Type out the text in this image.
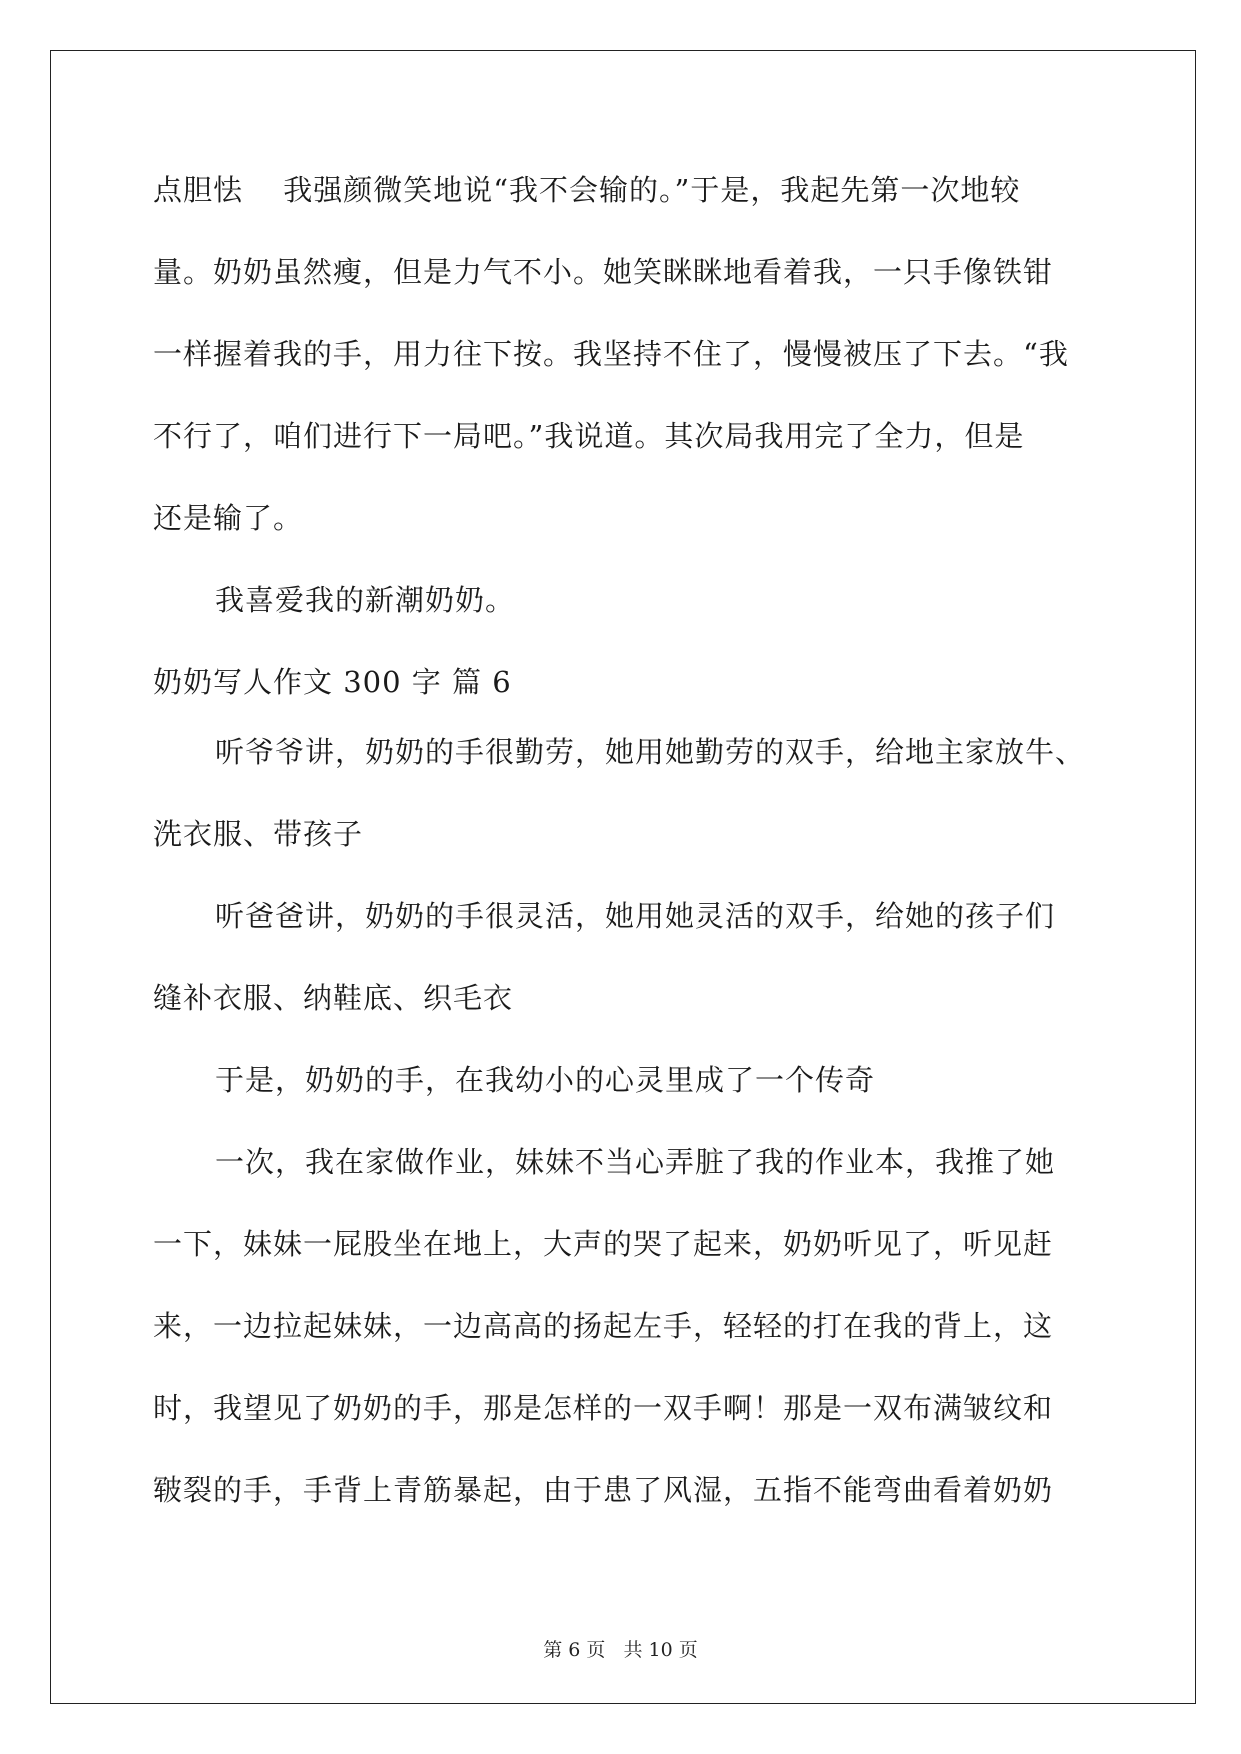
点胆怯　 我强颜微笑地说“我不会输的。”于是，我起先第一次地较
量。奶奶虽然瘦，但是力气不小。她笑眯眯地看着我，一只手像铁钳
一样握着我的手，用力往下按。我坚持不住了，慢慢被压了下去。“我
不行了，咱们进行下一局吧。”我说道。其次局我用完了全力，但是
还是输了。
我喜爱我的新潮奶奶。
奶奶写人作文 300 字 篇 6
听爷爷讲，奶奶的手很勤劳，她用她勤劳的双手，给地主家放牛、
洗衣服、带孩子
听爸爸讲，奶奶的手很灵活，她用她灵活的双手，给她的孩子们
缝补衣服、纳鞋底、织毛衣
于是，奶奶的手，在我幼小的心灵里成了一个传奇
一次，我在家做作业，妹妹不当心弄脏了我的作业本，我推了她
一下，妹妹一屁股坐在地上，大声的哭了起来，奶奶听见了，听见赶
来，一边拉起妹妹，一边高高的扬起左手，轻轻的打在我的背上，这
时，我望见了奶奶的手，那是怎样的一双手啊！那是一双布满皱纹和
皲裂的手，手背上青筋暴起，由于患了风湿，五指不能弯曲看着奶奶
第 6 页 共 10 页
